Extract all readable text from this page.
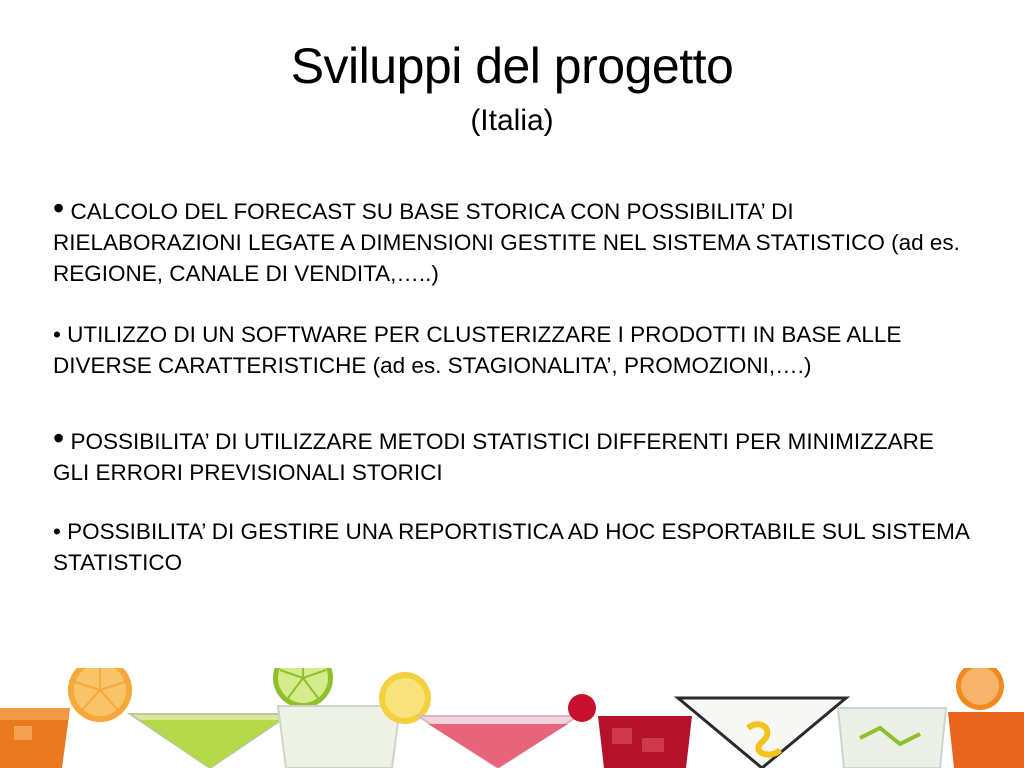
Sviluppi del progetto
(Italia)

• CALCOLO DEL FORECAST SU BASE STORICA CON POSSIBILITA’ DI RIELABORAZIONI LEGATE A DIMENSIONI GESTITE NEL SISTEMA STATISTICO (ad es. REGIONE, CANALE DI VENDITA,…..)

• UTILIZZO DI UN SOFTWARE PER CLUSTERIZZARE I PRODOTTI IN BASE ALLE DIVERSE CARATTERISTICHE (ad es. STAGIONALITA’, PROMOZIONI,….)

• POSSIBILITA’ DI UTILIZZARE METODI STATISTICI DIFFERENTI PER MINIMIZZARE GLI ERRORI PREVISIONALI STORICI

• POSSIBILITA’ DI GESTIRE UNA REPORTISTICA AD HOC ESPORTABILE SUL SISTEMA STATISTICO
